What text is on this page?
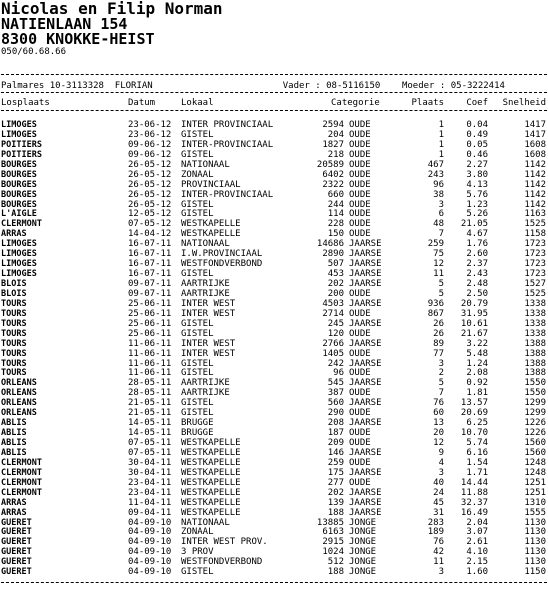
Nicolas en Filip Norman
NATIENLAAN 154
8300 KNOKKE-HEIST
050/60.68.66
Palmares 10-3113328  FLORIAN                        Vader : 08-5116150    Moeder : 05-3222414
Losplaats	Datum	Lokaal	Categorie	Plaats	Coef	Snelheid
LIMOGES	23-06-12	INTER PROVINCIAAL	2594 OUDE	1	0.04	1417
LIMOGES	23-06-12	GISTEL	204 OUDE	1	0.49	1417
POITIERS	09-06-12	INTER-PROVINCIAAL	1827 OUDE	1	0.05	1608
POITIERS	09-06-12	GISTEL	218 OUDE	1	0.46	1608
BOURGES	26-05-12	NATIONAAL	20589 OUDE	467	2.27	1142
BOURGES	26-05-12	ZONAAL	6402 OUDE	243	3.80	1142
BOURGES	26-05-12	PROVINCIAAL	2322 OUDE	96	4.13	1142
BOURGES	26-05-12	INTER-PROVINCIAAL	660 OUDE	38	5.76	1142
BOURGES	26-05-12	GISTEL	244 OUDE	3	1.23	1142
L'AIGLE	12-05-12	GISTEL	114 OUDE	6	5.26	1163
CLERMONT	07-05-12	WESTKAPELLE	228 OUDE	48	21.05	1525
ARRAS	14-04-12	WESTKAPELLE	150 OUDE	7	4.67	1158
LIMOGES	16-07-11	NATIONAAL	14686 JAARSE	259	1.76	1723
LIMOGES	16-07-11	I.W.PROVINCIAAL	2890 JAARSE	75	2.60	1723
LIMOGES	16-07-11	WESTFONDVERBOND	507 JAARSE	12	2.37	1723
LIMOGES	16-07-11	GISTEL	453 JAARSE	11	2.43	1723
BLOIS	09-07-11	AARTRIJKE	202 JAARSE	5	2.48	1527
BLOIS	09-07-11	AARTRIJKE	200 OUDE	5	2.50	1525
TOURS	25-06-11	INTER WEST	4503 JAARSE	936	20.79	1338
TOURS	25-06-11	INTER WEST	2714 OUDE	867	31.95	1338
TOURS	25-06-11	GISTEL	245 JAARSE	26	10.61	1338
TOURS	25-06-11	GISTEL	120 OUDE	26	21.67	1338
TOURS	11-06-11	INTER WEST	2766 JAARSE	89	3.22	1388
TOURS	11-06-11	INTER WEST	1405 OUDE	77	5.48	1388
TOURS	11-06-11	GISTEL	242 JAARSE	3	1.24	1388
TOURS	11-06-11	GISTEL	96 OUDE	2	2.08	1388
ORLEANS	28-05-11	AARTRIJKE	545 JAARSE	5	0.92	1550
ORLEANS	28-05-11	AARTRIJKE	387 OUDE	7	1.81	1550
ORLEANS	21-05-11	GISTEL	560 JAARSE	76	13.57	1299
ORLEANS	21-05-11	GISTEL	290 OUDE	60	20.69	1299
ABLIS	14-05-11	BRUGGE	208 JAARSE	13	6.25	1226
ABLIS	14-05-11	BRUGGE	187 OUDE	20	10.70	1226
ABLIS	07-05-11	WESTKAPELLE	209 OUDE	12	5.74	1560
ABLIS	07-05-11	WESTKAPELLE	146 JAARSE	9	6.16	1560
CLERMONT	30-04-11	WESTKAPELLE	259 OUDE	4	1.54	1248
CLERMONT	30-04-11	WESTKAPELLE	175 JAARSE	3	1.71	1248
CLERMONT	23-04-11	WESTKAPELLE	277 OUDE	40	14.44	1251
CLERMONT	23-04-11	WESTKAPELLE	202 JAARSE	24	11.88	1251
ARRAS	11-04-11	WESTKAPELLE	139 JAARSE	45	32.37	1310
ARRAS	09-04-11	WESTKAPELLE	188 JAARSE	31	16.49	1555
GUERET	04-09-10	NATIONAAL	13885 JONGE	283	2.04	1130
GUERET	04-09-10	ZONAAL	6163 JONGE	189	3.07	1130
GUERET	04-09-10	INTER WEST PROV.	2915 JONGE	76	2.61	1130
GUERET	04-09-10	3 PROV	1024 JONGE	42	4.10	1130
GUERET	04-09-10	WESTFONDVERBOND	512 JONGE	11	2.15	1130
GUERET	04-09-10	GISTEL	188 JONGE	3	1.60	1150
